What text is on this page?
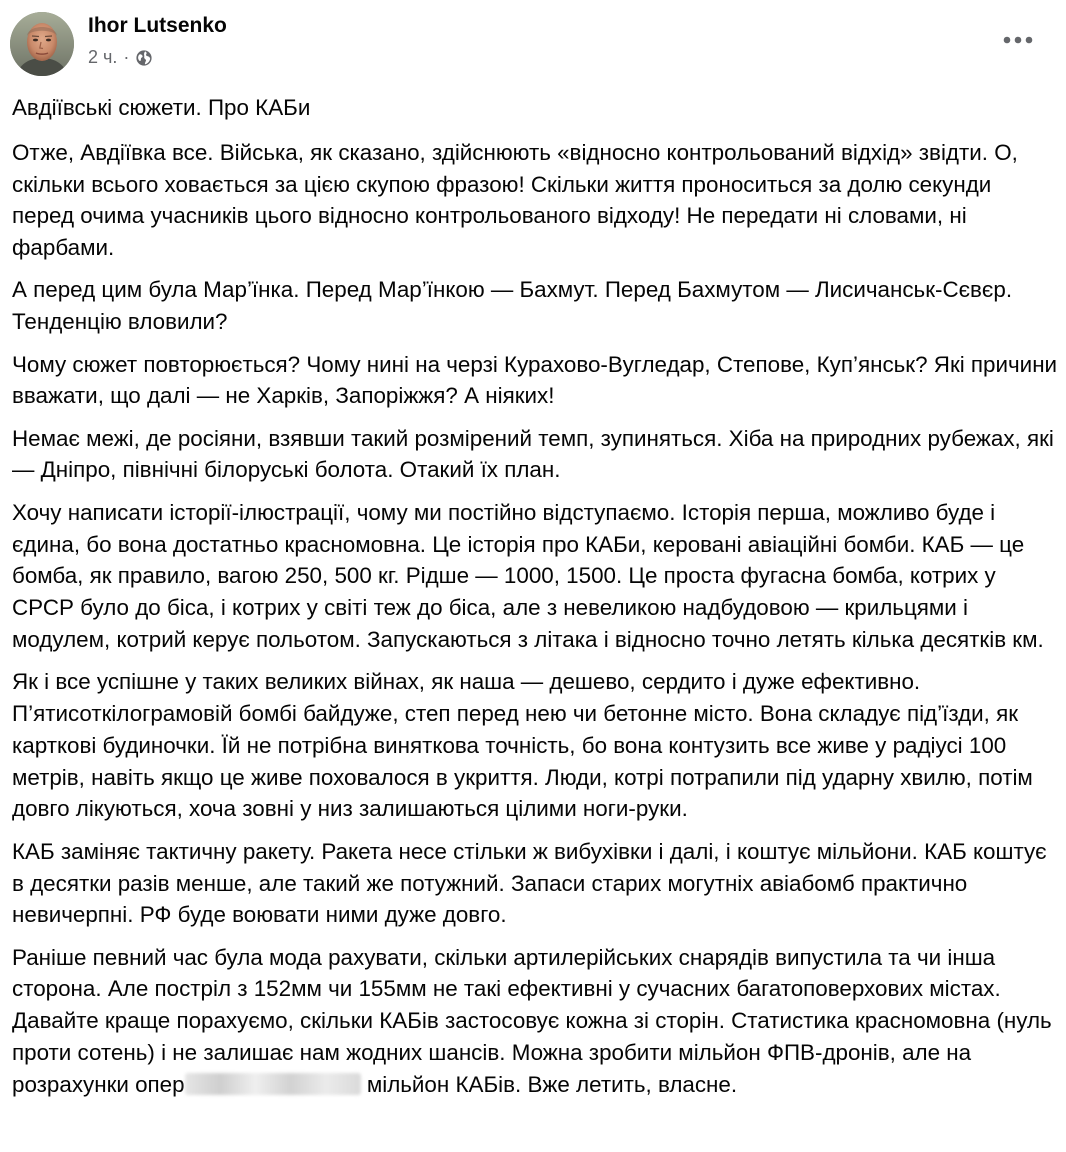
Ihor Lutsenko
2 ч. ·

Авдіївські сюжети. Про КАБи

Отже, Авдіївка все. Війська, як сказано, здійснюють «відносно контрольований відхід» звідти. О, скільки всього ховається за цією скупою фразою! Скільки життя проноситься за долю секунди перед очима учасників цього відносно контрольованого відходу! Не передати ні словами, ні фарбами.

А перед цим була Мар’їнка. Перед Мар’їнкою — Бахмут. Перед Бахмутом — Лисичанськ-Сєвєр. Тенденцію вловили?

Чому сюжет повторюється? Чому нині на черзі Курахово-Вугледар, Степове, Куп’янськ? Які причини вважати, що далі — не Харків, Запоріжжя? А ніяких!

Немає межі, де росіяни, взявши такий розмірений темп, зупиняться. Хіба на природних рубежах, які — Дніпро, північні білоруські болота. Отакий їх план.

Хочу написати історії-ілюстрації, чому ми постійно відступаємо. Історія перша, можливо буде і єдина, бо вона достатньо красномовна. Це історія про КАБи, керовані авіаційні бомби. КАБ — це бомба, як правило, вагою 250, 500 кг. Рідше — 1000, 1500. Це проста фугасна бомба, котрих у СРСР було до біса, і котрих у світі теж до біса, але з невеликою надбудовою — крильцями і модулем, котрий керує польотом. Запускаються з літака і відносно точно летять кілька десятків км.

Як і все успішне у таких великих війнах, як наша — дешево, сердито і дуже ефективно. П’ятисоткілограмовій бомбі байдуже, степ перед нею чи бетонне місто. Вона складує під’їзди, як карткові будиночки. Їй не потрібна виняткова точність, бо вона контузить все живе у радіусі 100 метрів, навіть якщо це живе поховалося в укриття. Люди, котрі потрапили під ударну хвилю, потім довго лікуються, хоча зовні у низ залишаються цілими ноги-руки.

КАБ заміняє тактичну ракету. Ракета несе стільки ж вибухівки і далі, і коштує мільйони. КАБ коштує в десятки разів менше, але такий же потужний. Запаси старих могутніх авіабомб практично невичерпні. РФ буде воювати ними дуже довго.

Раніше певний час була мода рахувати, скільки артилерійських снарядів випустила та чи інша сторона. Але постріл з 152мм чи 155мм не такі ефективні у сучасних багатоповерхових містах. Давайте краще порахуємо, скільки КАБів застосовує кожна зі сторін. Статистика красномовна (нуль проти сотень) і не залишає нам жодних шансів. Можна зробити мільйон ФПВ-дронів, але на розрахунки опер	мільйон КАБів. Вже летить, власне.
